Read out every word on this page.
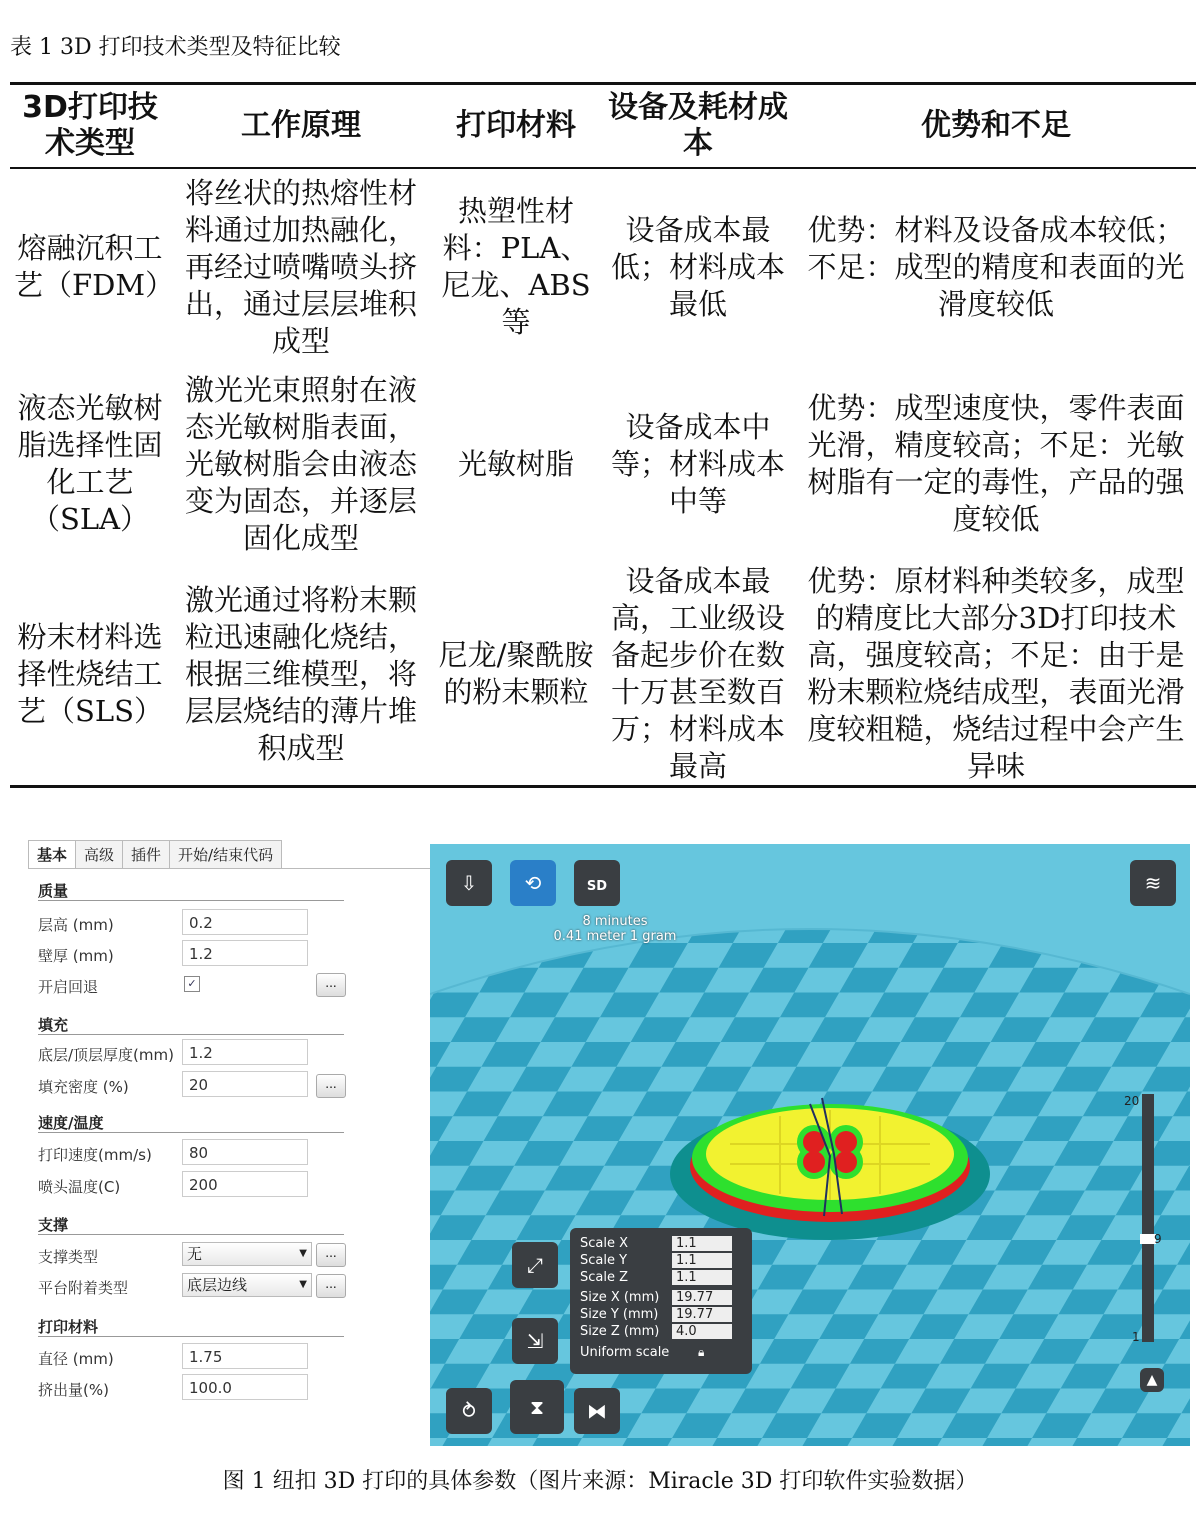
表 1 3D 打印技术类型及特征比较
3D打印技术类型	工作原理	打印材料	设备及耗材成本	优势和不足
熔融沉积工艺（FDM）	将丝状的热熔性材料通过加热融化，再经过喷嘴喷头挤出，通过层层堆积成型	热塑性材料：PLA、尼龙、ABS等	设备成本最低；材料成本最低	优势：材料及设备成本较低；不足：成型的精度和表面的光滑度较低
液态光敏树脂选择性固化工艺（SLA）	激光光束照射在液态光敏树脂表面，光敏树脂会由液态变为固态，并逐层固化成型	光敏树脂	设备成本中等；材料成本中等	优势：成型速度快，零件表面光滑，精度较高；不足：光敏树脂有一定的毒性，产品的强度较低
粉末材料选择性烧结工艺（SLS）	激光通过将粉末颗粒迅速融化烧结，根据三维模型，将层层烧结的薄片堆积成型	尼龙/聚酰胺的粉末颗粒	设备成本最高，工业级设备起步价在数十万甚至数百万；材料成本最高	优势：原材料种类较多，成型的精度比大部分3D打印技术高，强度较高；不足：由于是粉末颗粒烧结成型，表面光滑度较粗糙，烧结过程中会产生异味
基本	高级	插件	开始/结束代码
质量
层高 (mm)	0.2
壁厚 (mm)	1.2
开启回退	✓	...
填充
底层/顶层厚度(mm)	1.2
填充密度 (%)	20	...
速度/温度
打印速度(mm/s)	80
喷头温度(C)	200
支撑
支撑类型	无	▼	...
平台附着类型	底层边线	▼	...
打印材料
直径 (mm)	1.75
挤出量(%)	100.0
⇩	⟲	SD	≋
8 minutes
0.41 meter 1 gram
⤢
⇲
⥁	⧗	⧓
Scale X	1.1
Scale Y	1.1
Scale Z	1.1
Size X (mm)	19.77
Size Y (mm)	19.77
Size Z (mm)	4.0
Uniform scale 🔒︎
20
9
1
▲
图 1 纽扣 3D 打印的具体参数（图片来源：Miracle 3D 打印软件实验数据）
